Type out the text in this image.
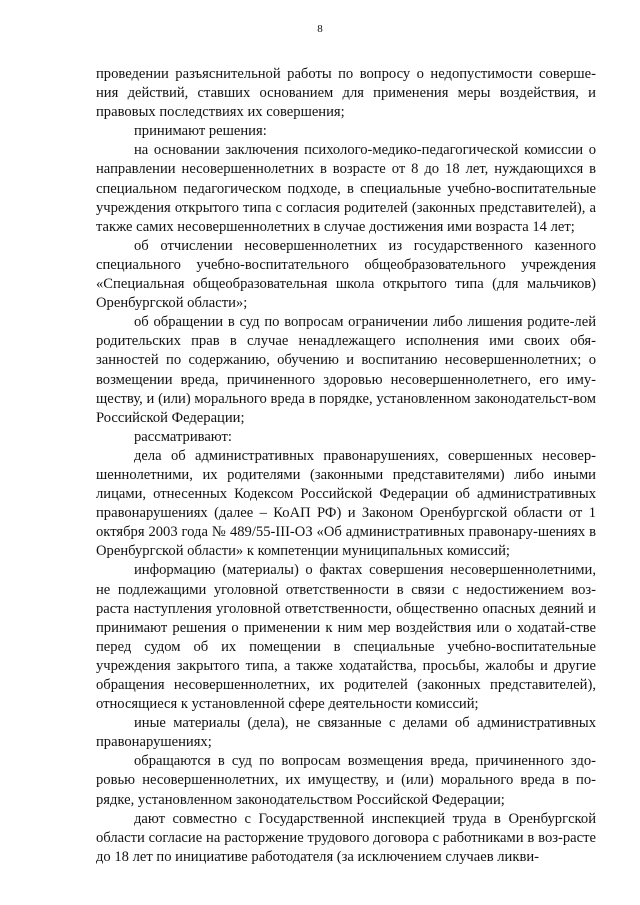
8

проведении разъяснительной работы по вопросу о недопустимости соверше-ния действий, ставших основанием для применения меры воздействия, и правовых последствиях их совершения;

принимают решения:

на основании заключения психолого-медико-педагогической комиссии о направлении несовершеннолетних в возрасте от 8 до 18 лет, нуждающихся в специальном педагогическом подходе, в специальные учебно-воспитательные учреждения открытого типа с согласия родителей (законных представителей), а также самих несовершеннолетних в случае достижения ими возраста 14 лет;

об отчислении несовершеннолетних из государственного казенного специального учебно-воспитательного общеобразовательного учреждения «Специальная общеобразовательная школа открытого типа (для мальчиков) Оренбургской области»;

об обращении в суд по вопросам ограничении либо лишения родите-лей родительских прав в случае ненадлежащего исполнения ими своих обя-занностей по содержанию, обучению и воспитанию несовершеннолетних; о возмещении вреда, причиненного здоровью несовершеннолетнего, его иму-ществу, и (или) морального вреда в порядке, установленном законодательст-вом Российской Федерации;

рассматривают:

дела об административных правонарушениях, совершенных несовер-шеннолетними, их родителями (законными представителями) либо иными лицами, отнесенных Кодексом Российской Федерации об административных правонарушениях (далее – КоАП РФ) и Законом Оренбургской области от 1 октября 2003 года № 489/55-III-ОЗ «Об административных правонару-шениях в Оренбургской области» к компетенции муниципальных комиссий;

информацию (материалы) о фактах совершения несовершеннолетними, не подлежащими уголовной ответственности в связи с недостижением воз-раста наступления уголовной ответственности, общественно опасных деяний и принимают решения о применении к ним мер воздействия или о ходатай-стве перед судом об их помещении в специальные учебно-воспитательные учреждения закрытого типа, а также ходатайства, просьбы, жалобы и другие обращения несовершеннолетних, их родителей (законных представителей), относящиеся к установленной сфере деятельности комиссий;

иные материалы (дела), не связанные с делами об административных правонарушениях;

обращаются в суд по вопросам возмещения вреда, причиненного здо-ровью несовершеннолетних, их имуществу, и (или) морального вреда в по-рядке, установленном законодательством Российской Федерации;

дают совместно с Государственной инспекцией труда в Оренбургской области согласие на расторжение трудового договора с работниками в воз-расте до 18 лет по инициативе работодателя (за исключением случаев ликви-
